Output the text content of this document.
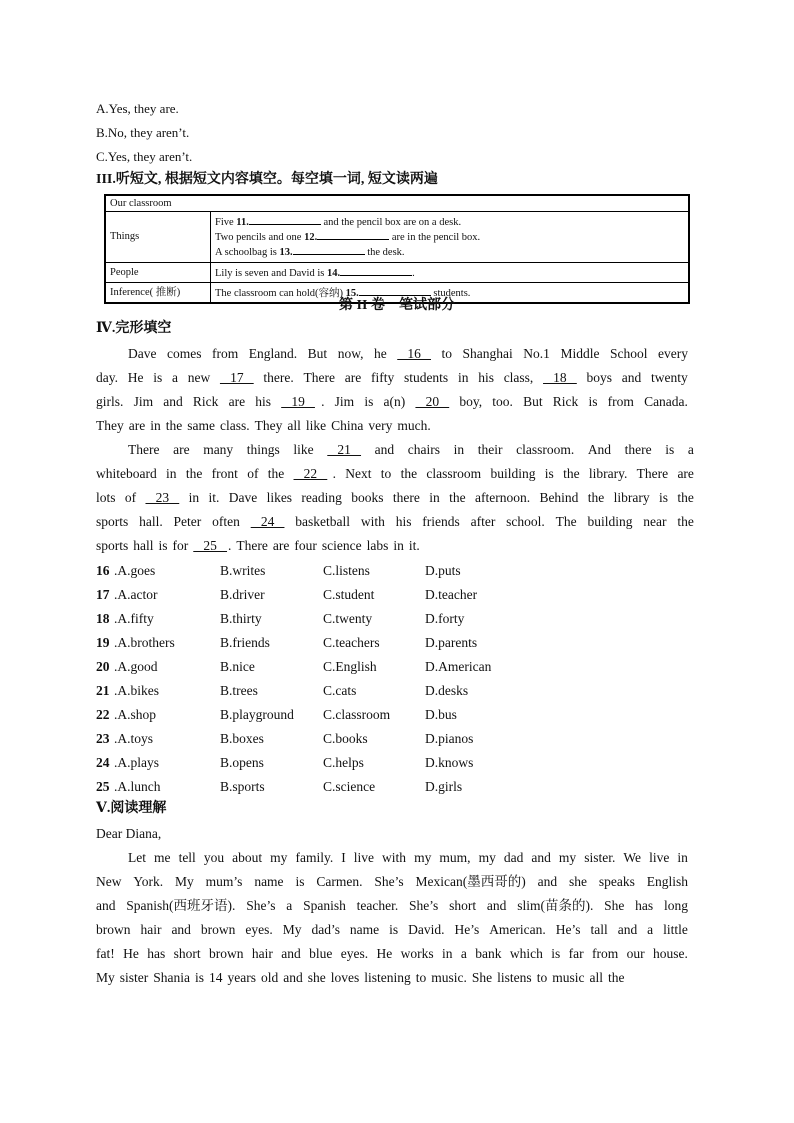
A.Yes, they are.
B.No, they aren’t.
C.Yes, they aren’t.
III.听短文, 根据短文内容填空。每空填一词, 短文读两遍
Our classroom	
Things	Five 11. and the pencil box are on a desk.
Two pencils and one 12. are in the pencil box.
A schoolbag is 13. the desk.

People	Lily is seven and David is 14. .
Inference( 推断)	The classroom can hold(容纳) 15. students.
第 II 卷　笔试部分
Ⅳ.完形填空
Dave comes from England. But now, he 16 to Shanghai No.1 Middle School every
day. He is a new 17 there. There are fifty students in his class, 18 boys and twenty
girls. Jim and Rick are his 19 . Jim is a(n) 20 boy, too. But Rick is from Canada.
They are in the same class. They all like China very much.
There are many things like 21 and chairs in their classroom. And there is a
whiteboard in the front of the 22 . Next to the classroom building is the library. There are
lots of 23 in it. Dave likes reading books there in the afternoon. Behind the library is the
sports hall. Peter often 24 basketball with his friends after school. The building near the
sports hall is for 25 . There are four science labs in it.
16 .A.goes	B.writes	C.listens	D.puts
17 .A.actor	B.driver	C.student	D.teacher
18 .A.fifty	B.thirty	C.twenty	D.forty
19 .A.brothers	B.friends	C.teachers	D.parents
20 .A.good	B.nice	C.English	D.American
21 .A.bikes	B.trees	C.cats	D.desks
22 .A.shop	B.playground C.classroom	D.bus
23 .A.toys	B.boxes	C.books	D.pianos
24 .A.plays	B.opens	C.helps	D.knows
25 .A.lunch	B.sports	C.science	D.girls
Ⅴ.阅读理解
Dear Diana,
Let me tell you about my family. I live with my mum, my dad and my sister. We live in
New York. My mum’s name is Carmen. She’s Mexican(墨西哥的) and she speaks English
and Spanish(西班牙语). She’s a Spanish teacher. She’s short and slim(苗条的). She has long
brown hair and brown eyes. My dad’s name is David. He’s American. He’s tall and a little
fat! He has short brown hair and blue eyes. He works in a bank which is far from our house.
My sister Shania is 14 years old and she loves listening to music. She listens to music all the
